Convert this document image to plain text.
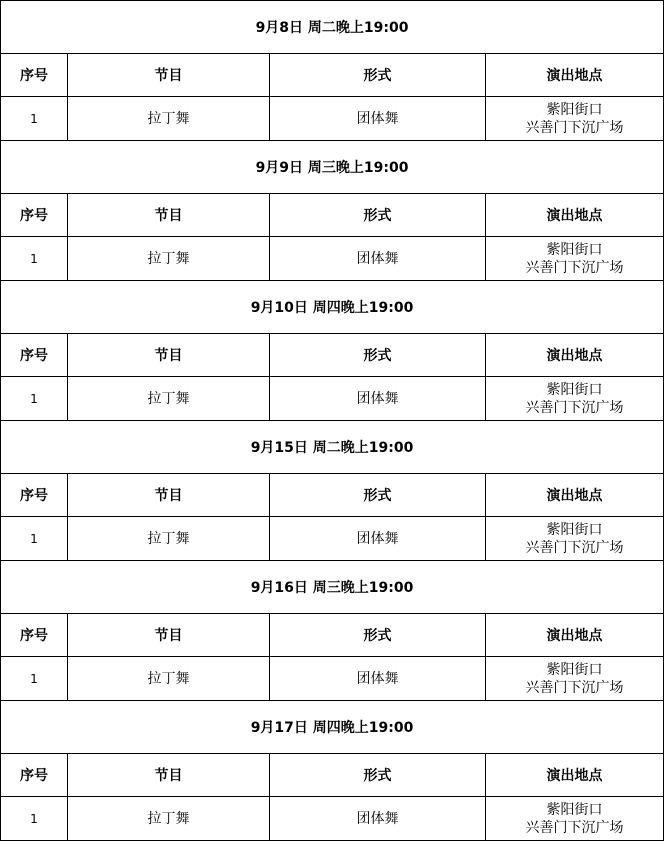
9月8日 周二晚上19:00			
序号	节目	形式	演出地点
1	拉丁舞	团体舞	紫阳街口
兴善门下沉广场

9月9日 周三晚上19:00			
序号	节目	形式	演出地点
1	拉丁舞	团体舞	紫阳街口
兴善门下沉广场

9月10日 周四晚上19:00			
序号	节目	形式	演出地点
1	拉丁舞	团体舞	紫阳街口
兴善门下沉广场

9月15日 周二晚上19:00			
序号	节目	形式	演出地点
1	拉丁舞	团体舞	紫阳街口
兴善门下沉广场

9月16日 周三晚上19:00			
序号	节目	形式	演出地点
1	拉丁舞	团体舞	紫阳街口
兴善门下沉广场

9月17日 周四晚上19:00			
序号	节目	形式	演出地点
1	拉丁舞	团体舞	紫阳街口
兴善门下沉广场
